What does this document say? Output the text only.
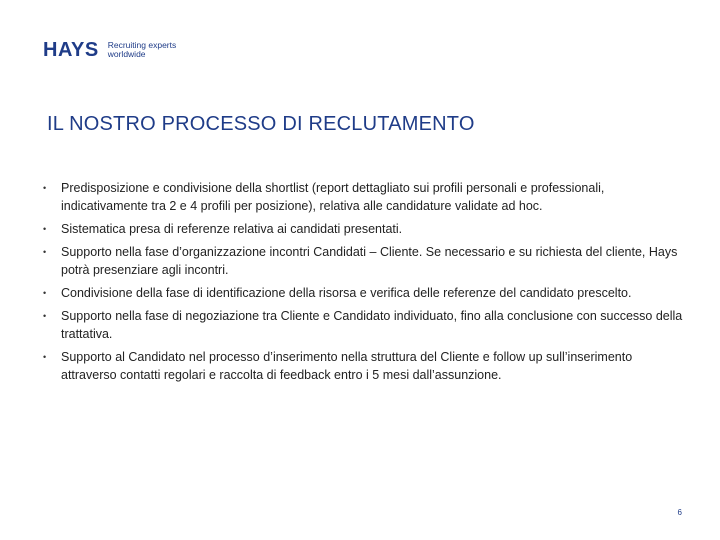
HAYS Recruiting experts
worldwide
IL NOSTRO PROCESSO DI RECLUTAMENTO
•	Predisposizione e condivisione della shortlist (report dettagliato sui profili personali e professionali, indicativamente tra 2 e 4 profili per posizione), relativa alle candidature validate ad hoc.
•	Sistematica presa di referenze relativa ai candidati presentati.
•	Supporto nella fase d’organizzazione incontri Candidati – Cliente. Se necessario e su richiesta del cliente, Hays potrà presenziare agli incontri.
•	Condivisione della fase di identificazione della risorsa e verifica delle referenze del candidato prescelto.
•	Supporto nella fase di negoziazione tra Cliente e Candidato individuato, fino alla conclusione con successo della trattativa.
•	Supporto al Candidato nel processo d’inserimento nella struttura del Cliente e follow up sull’inserimento attraverso contatti regolari e raccolta di feedback entro i 5 mesi dall’assunzione.
6
